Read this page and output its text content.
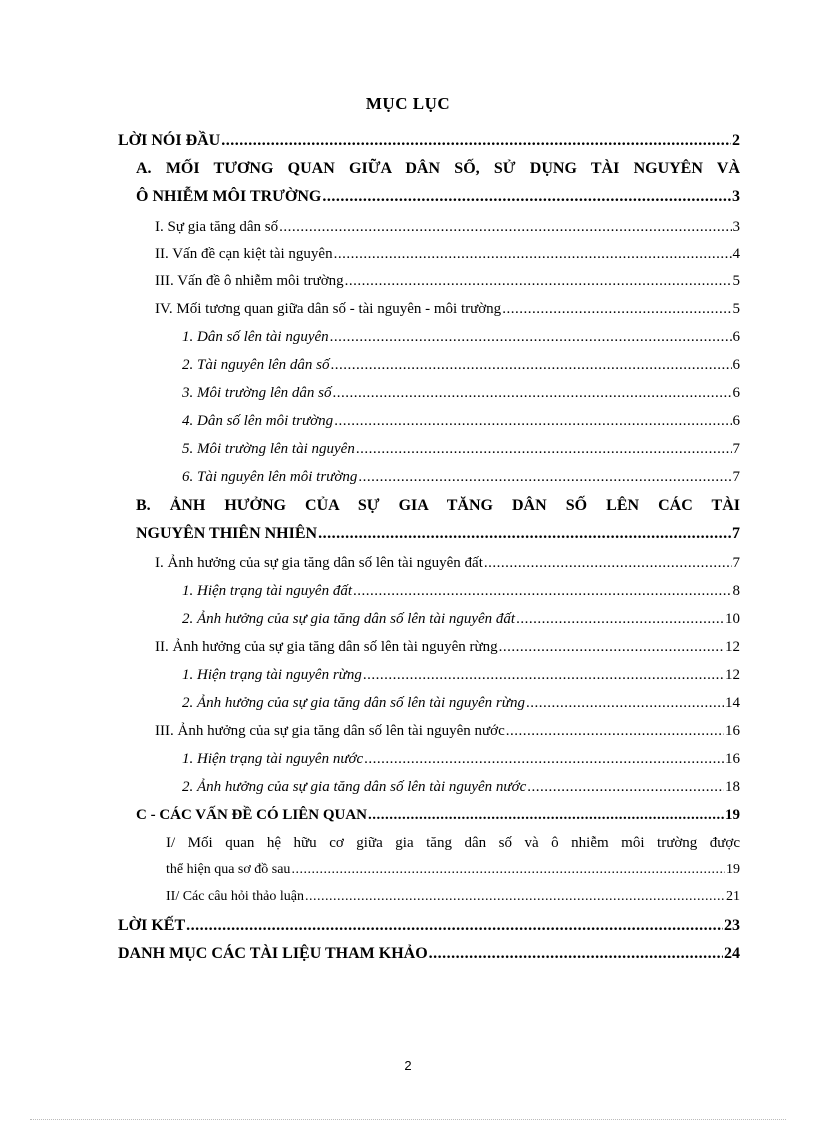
MỤC LỤC
LỜI NÓI ĐẦU .....	2
A. MỐI TƯƠNG QUAN GIỮA DÂN SỐ, SỬ DỤNG TÀI NGUYÊN VÀ
Ô NHIỄM MÔI TRƯỜNG .....	3
I. Sự gia tăng dân số .....	3
II. Vấn đề cạn kiệt tài nguyên .....	4
III. Vấn đề ô nhiễm môi trường .....	5
IV. Mối tương quan giữa dân số - tài nguyên - môi trường .....	5
1. Dân số lên tài nguyên .....	6
2. Tài nguyên lên dân số .....	6
3. Môi trường lên dân số .....	6
4. Dân số lên môi trường .....	6
5. Môi trường lên tài nguyên .....	7
6. Tài nguyên lên môi trường .....	7
B. ẢNH HƯỞNG CỦA SỰ GIA TĂNG DÂN SỐ LÊN CÁC TÀI
NGUYÊN THIÊN NHIÊN .....	7
I. Ảnh hưởng của sự gia tăng dân số lên tài nguyên đất .....	7
1. Hiện trạng tài nguyên đất .....	8
2. Ảnh hưởng của sự gia tăng dân số lên tài nguyên đất .....	10
II. Ảnh hưởng của sự gia tăng dân số lên tài nguyên rừng .....	12
1. Hiện trạng tài nguyên rừng .....	12
2. Ảnh hưởng của sự gia tăng dân số lên tài nguyên rừng .....	14
III. Ảnh hưởng của sự gia tăng dân số lên tài nguyên nước .....	16
1. Hiện trạng tài nguyên nước .....	16
2. Ảnh hưởng của sự gia tăng dân số lên tài nguyên nước .....	18
C - CÁC VẤN ĐỀ CÓ LIÊN QUAN .....	19
I/ Mối quan hệ hữu cơ giữa gia tăng dân số và ô nhiễm môi trường được
thể hiện qua sơ đồ sau .....	19
II/ Các câu hỏi thảo luận .....	21
LỜI KẾT .....	23
DANH MỤC CÁC TÀI LIỆU THAM KHẢO .....	24
2
